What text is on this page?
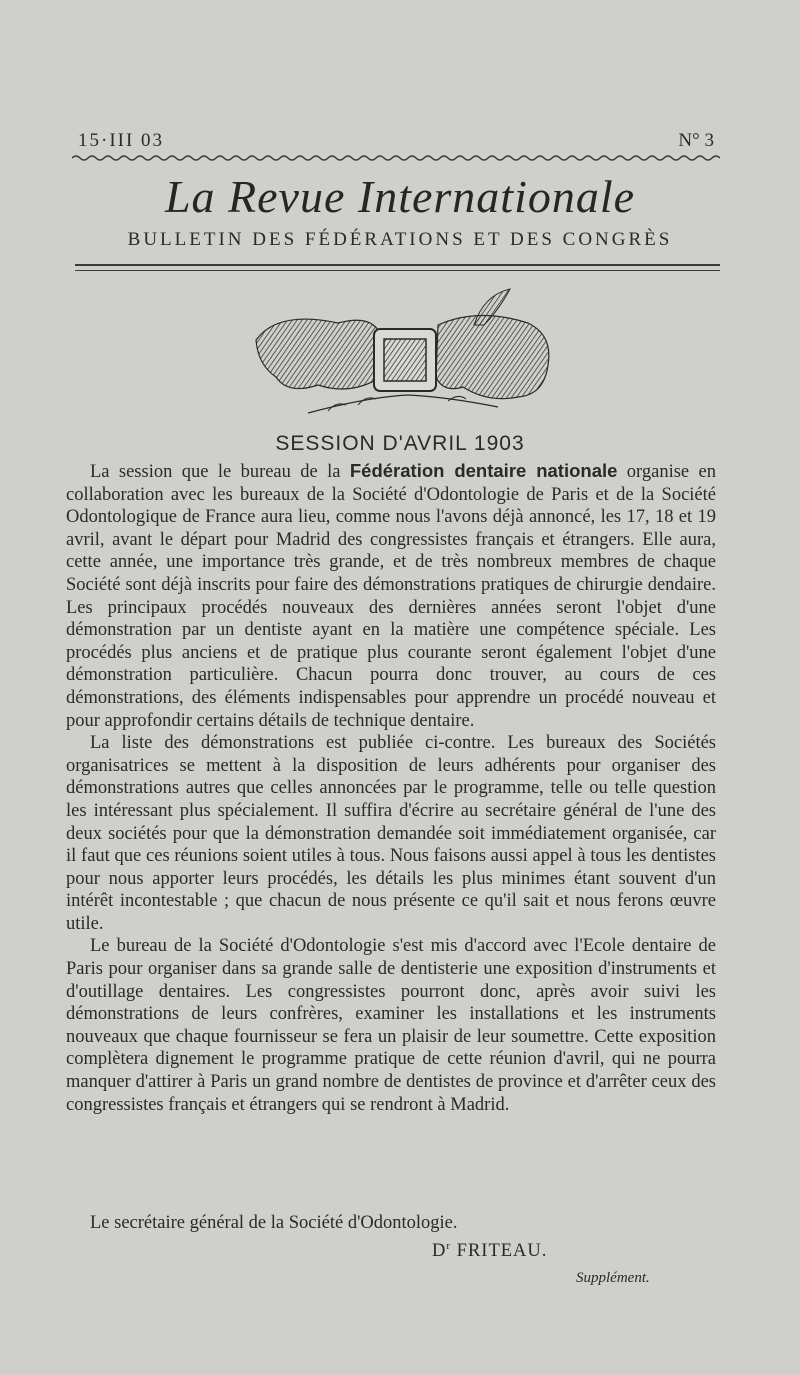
15·III 03	N° 3
La Revue Internationale
BULLETIN DES FÉDÉRATIONS ET DES CONGRÈS
SESSION D'AVRIL 1903

La session que le bureau de la Fédération dentaire nationale organise en collaboration avec les bureaux de la Société d'Odontologie de Paris et de la Société Odontologique de France aura lieu, comme nous l'avons déjà annoncé, les 17, 18 et 19 avril, avant le départ pour Madrid des congressistes français et étrangers. Elle aura, cette année, une importance très grande, et de très nombreux membres de chaque Société sont déjà inscrits pour faire des démonstrations pratiques de chirurgie dendaire. Les principaux procédés nouveaux des dernières années seront l'objet d'une démonstration par un dentiste ayant en la matière une compétence spéciale. Les procédés plus anciens et de pratique plus courante seront également l'objet d'une démonstration particulière. Chacun pourra donc trouver, au cours de ces démonstrations, des éléments indispensables pour apprendre un procédé nouveau et pour approfondir certains détails de technique dentaire.

La liste des démonstrations est publiée ci-contre. Les bureaux des Sociétés organisatrices se mettent à la disposition de leurs adhérents pour organiser des démonstrations autres que celles annoncées par le programme, telle ou telle question les intéressant plus spécialement. Il suffira d'écrire au secrétaire général de l'une des deux sociétés pour que la démonstration demandée soit immédiatement organisée, car il faut que ces réunions soient utiles à tous. Nous faisons aussi appel à tous les dentistes pour nous apporter leurs procédés, les détails les plus minimes étant souvent d'un intérêt incontestable ; que chacun de nous présente ce qu'il sait et nous ferons œuvre utile.

Le bureau de la Société d'Odontologie s'est mis d'accord avec l'Ecole dentaire de Paris pour organiser dans sa grande salle de dentisterie une exposition d'instruments et d'outillage dentaires. Les congressistes pourront donc, après avoir suivi les démonstrations de leurs confrères, examiner les installations et les instruments nouveaux que chaque fournisseur se fera un plaisir de leur soumettre. Cette exposition complètera dignement le programme pratique de cette réunion d'avril, qui ne pourra manquer d'attirer à Paris un grand nombre de dentistes de province et d'arrêter ceux des congressistes français et étrangers qui se rendront à Madrid.

Le secrétaire général de la Société d'Odontologie.
$D^r$ FRITEAU.
Supplément.
